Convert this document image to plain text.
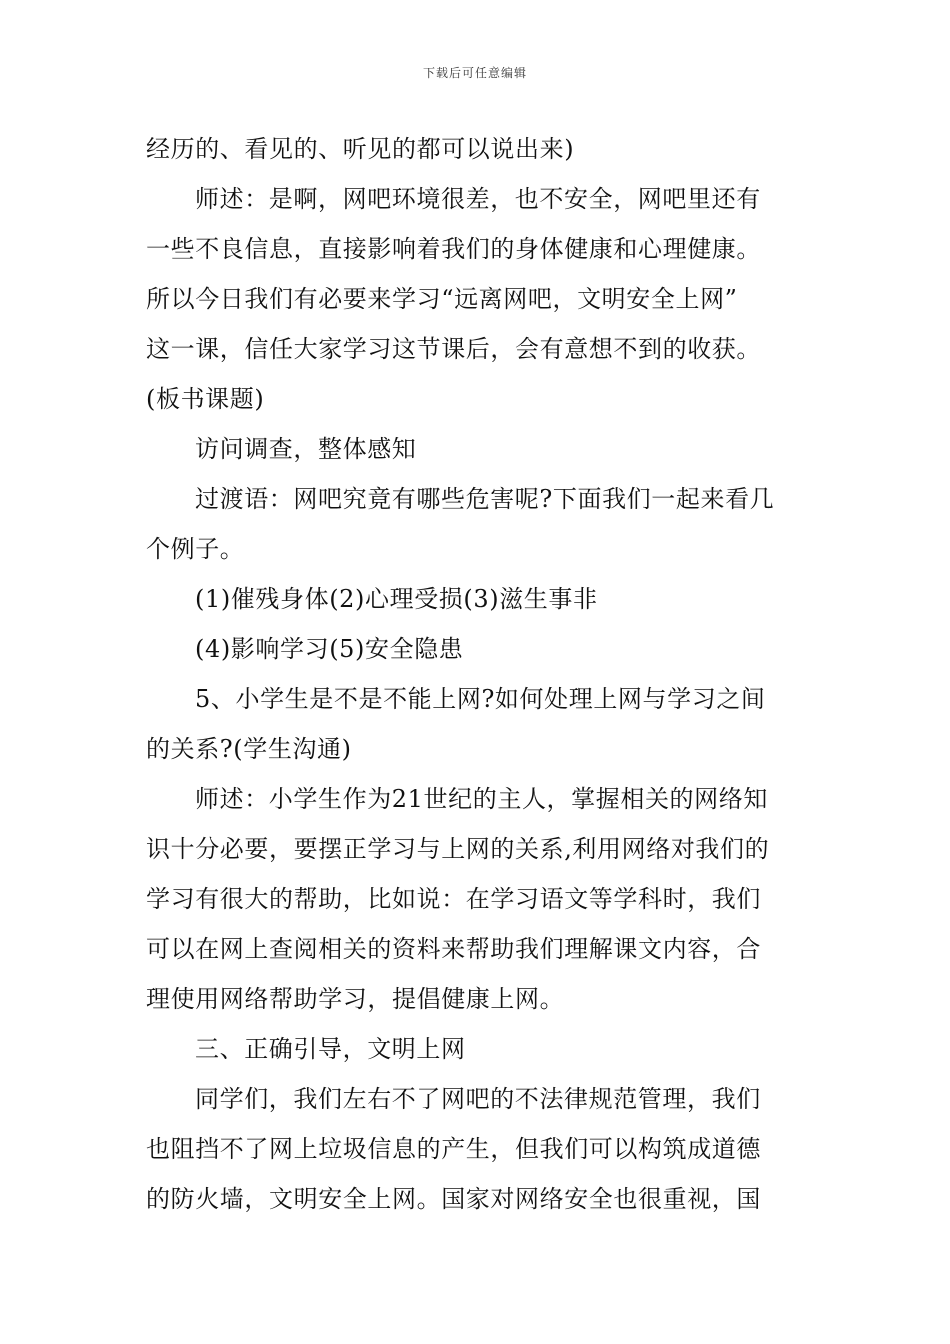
下载后可任意编辑
经历的、看见的、听见的都可以说出来)
师述：是啊，网吧环境很差，也不安全，网吧里还有
一些不良信息，直接影响着我们的身体健康和心理健康。
所以今日我们有必要来学习“远离网吧，文明安全上网”
这一课，信任大家学习这节课后，会有意想不到的收获。
(板书课题)
访问调查，整体感知
过渡语：网吧究竟有哪些危害呢?下面我们一起来看几
个例子。
(1)催残身体(2)心理受损(3)滋生事非
(4)影响学习(5)安全隐患
5、小学生是不是不能上网?如何处理上网与学习之间
的关系?(学生沟通)
师述：小学生作为21世纪的主人，掌握相关的网络知
识十分必要，要摆正学习与上网的关系,利用网络对我们的
学习有很大的帮助，比如说：在学习语文等学科时，我们
可以在网上查阅相关的资料来帮助我们理解课文内容，合
理使用网络帮助学习，提倡健康上网。
三、正确引导，文明上网
同学们，我们左右不了网吧的不法律规范管理，我们
也阻挡不了网上垃圾信息的产生，但我们可以构筑成道德
的防火墙，文明安全上网。国家对网络安全也很重视，国
